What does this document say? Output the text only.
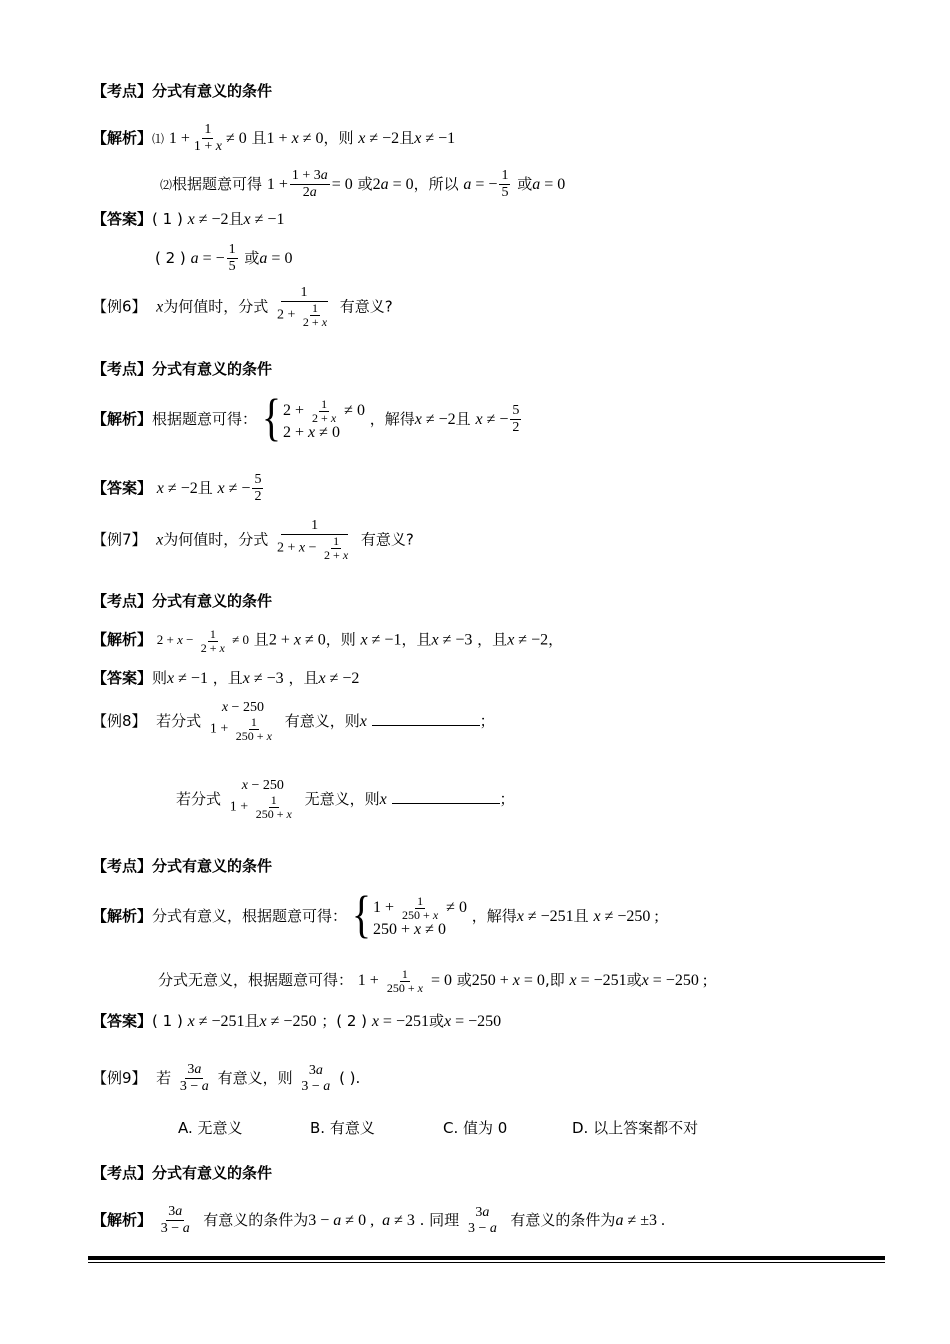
【考点】分式有意义的条件
【解析】⑴ $1 + \frac{1}{1 + x} \ne 0$ 且1 + x ≠ 0，则 x ≠ −2且x ≠ −1
⑵根据题意可得 $1 + \frac{1 + 3a}{2a} = 0$ 或2a = 0，所以 a = − $\frac{1}{5}$ 或a = 0
【答案】( 1 ) x ≠ −2且x ≠ −1
( 2 ) a = − $\frac{1}{5}$ 或a = 0
【例6】 x为何值时，分式 $\frac{1}{2 + \frac{1}{2 + x}}$ 有意义?
【考点】分式有意义的条件
【解析】根据题意可得： { $2 + \frac{1}{2 + x} \ne 0$
2 + x ≠ 0
，解得x ≠ −2且 x ≠ − $\frac{5}{2}$
【答案】 x ≠ −2且 x ≠ − $\frac{5}{2}$
【例7】 x为何值时，分式 $\frac{1}{2 + x - \frac{1}{2 + x}}$ 有意义?
【考点】分式有意义的条件
【解析】 $2 + x - \frac{1}{2 + x} \ne 0$ 且2 + x ≠ 0，则 x ≠ −1，且x ≠ −3 ，且x ≠ −2，
【答案】则x ≠ −1 ，且x ≠ −3 ，且x ≠ −2
【例8】 若分式
x − 250
$1 + \frac{1}{250 + x}$ 有意义，则x	；
若分式
x − 250
$1 + \frac{1}{250 + x}$ 无意义，则x	；
【考点】分式有意义的条件
【解析】分式有意义，根据题意可得： { $1 + \frac{1}{250 + x} \ne 0$
250 + x ≠ 0
，解得x ≠ −251且 x ≠ −250 ;
分式无意义，根据题意可得： $1 + \frac{1}{250 + x} = 0$ 或250 + x = 0,即 x = −251或x = −250 ;
【答案】( 1 ) x ≠ −251且x ≠ −250 ；( 2 ) x = −251或x = −250
【例9】 若 $\frac{3a}{3 - a}$ 有意义，则 3a
3 − a ( ).
A. 无意义	B. 有意义	C. 值为 0	D. 以上答案都不对
【考点】分式有意义的条件
【解析】 $\frac{3a}{3 - a}$ 有意义的条件为3 − a ≠ 0 ,  a ≠ 3 . 同理 3a
3 − a 有意义的条件为a ≠ ±3 .
